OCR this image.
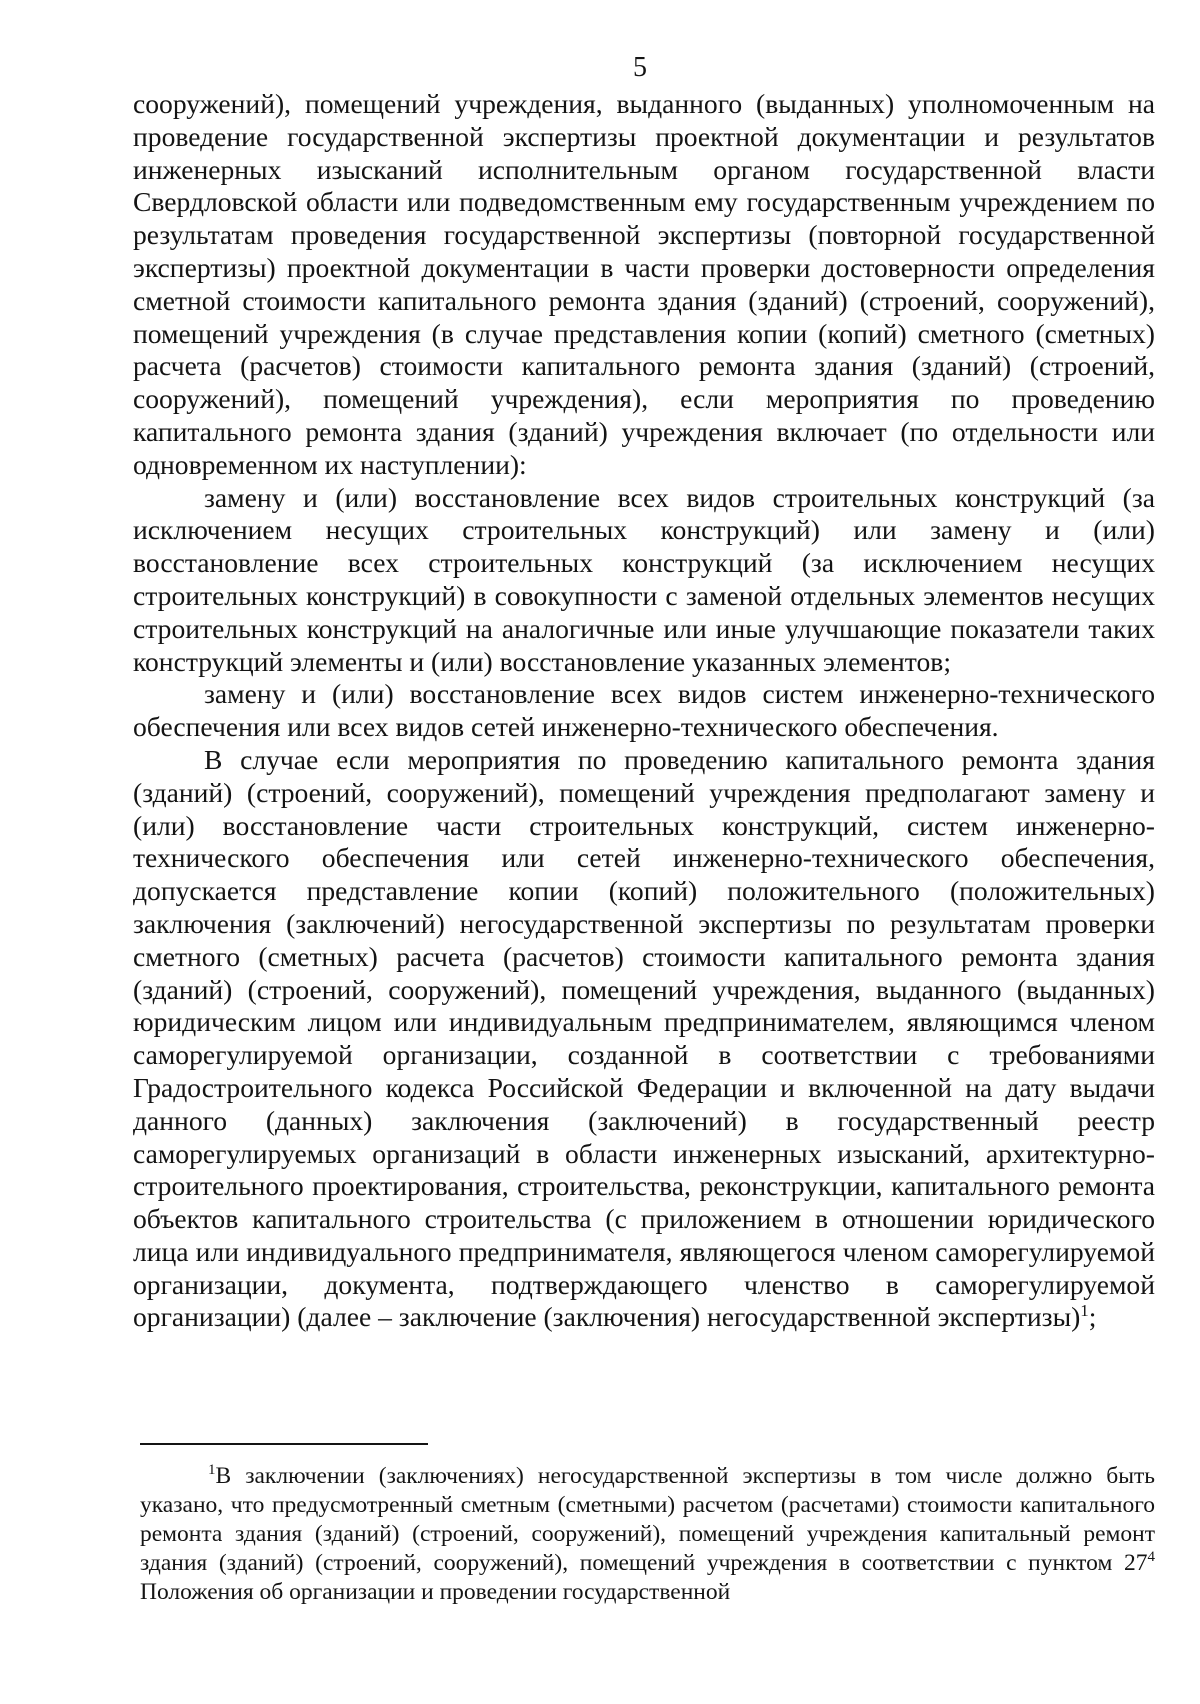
5

сооружений), помещений учреждения, выданного (выданных) уполномоченным на проведение государственной экспертизы проектной документации и результатов инженерных изысканий исполнительным органом государственной власти Свердловской области или подведомственным ему государственным учреждением по результатам проведения государственной экспертизы (повторной государственной экспертизы) проектной документации в части проверки достоверности определения сметной стоимости капитального ремонта здания (зданий) (строений, сооружений), помещений учреждения (в случае представления копии (копий) сметного (сметных) расчета (расчетов) стоимости капитального ремонта здания (зданий) (строений, сооружений), помещений учреждения), если мероприятия по проведению капитального ремонта здания (зданий) учреждения включает (по отдельности или одновременном их наступлении):

замену и (или) восстановление всех видов строительных конструкций (за исключением несущих строительных конструкций) или замену и (или) восстановление всех строительных конструкций (за исключением несущих строительных конструкций) в совокупности с заменой отдельных элементов несущих строительных конструкций на аналогичные или иные улучшающие показатели таких конструкций элементы и (или) восстановление указанных элементов;

замену и (или) восстановление всех видов систем инженерно-технического обеспечения или всех видов сетей инженерно-технического обеспечения.

В случае если мероприятия по проведению капитального ремонта здания (зданий) (строений, сооружений), помещений учреждения предполагают замену и (или) восстановление части строительных конструкций, систем инженерно-технического обеспечения или сетей инженерно-технического обеспечения, допускается представление копии (копий) положительного (положительных) заключения (заключений) негосударственной экспертизы по результатам проверки сметного (сметных) расчета (расчетов) стоимости капитального ремонта здания (зданий) (строений, сооружений), помещений учреждения, выданного (выданных) юридическим лицом или индивидуальным предпринимателем, являющимся членом саморегулируемой организации, созданной в соответствии с требованиями Градостроительного кодекса Российской Федерации и включенной на дату выдачи данного (данных) заключения (заключений) в государственный реестр саморегулируемых организаций в области инженерных изысканий, архитектурно-строительного проектирования, строительства, реконструкции, капитального ремонта объектов капитального строительства (с приложением в отношении юридического лица или индивидуального предпринимателя, являющегося членом саморегулируемой организации, документа, подтверждающего членство в саморегулируемой организации) (далее – заключение (заключения) негосударственной экспертизы)$^1$;

$^1$В заключении (заключениях) негосударственной экспертизы в том числе должно быть указано, что предусмотренный сметным (сметными) расчетом (расчетами) стоимости капитального ремонта здания (зданий) (строений, сооружений), помещений учреждения капитальный ремонт здания (зданий) (строений, сооружений), помещений учреждения в соответствии с пунктом $27^4$ Положения об организации и проведении государственной
